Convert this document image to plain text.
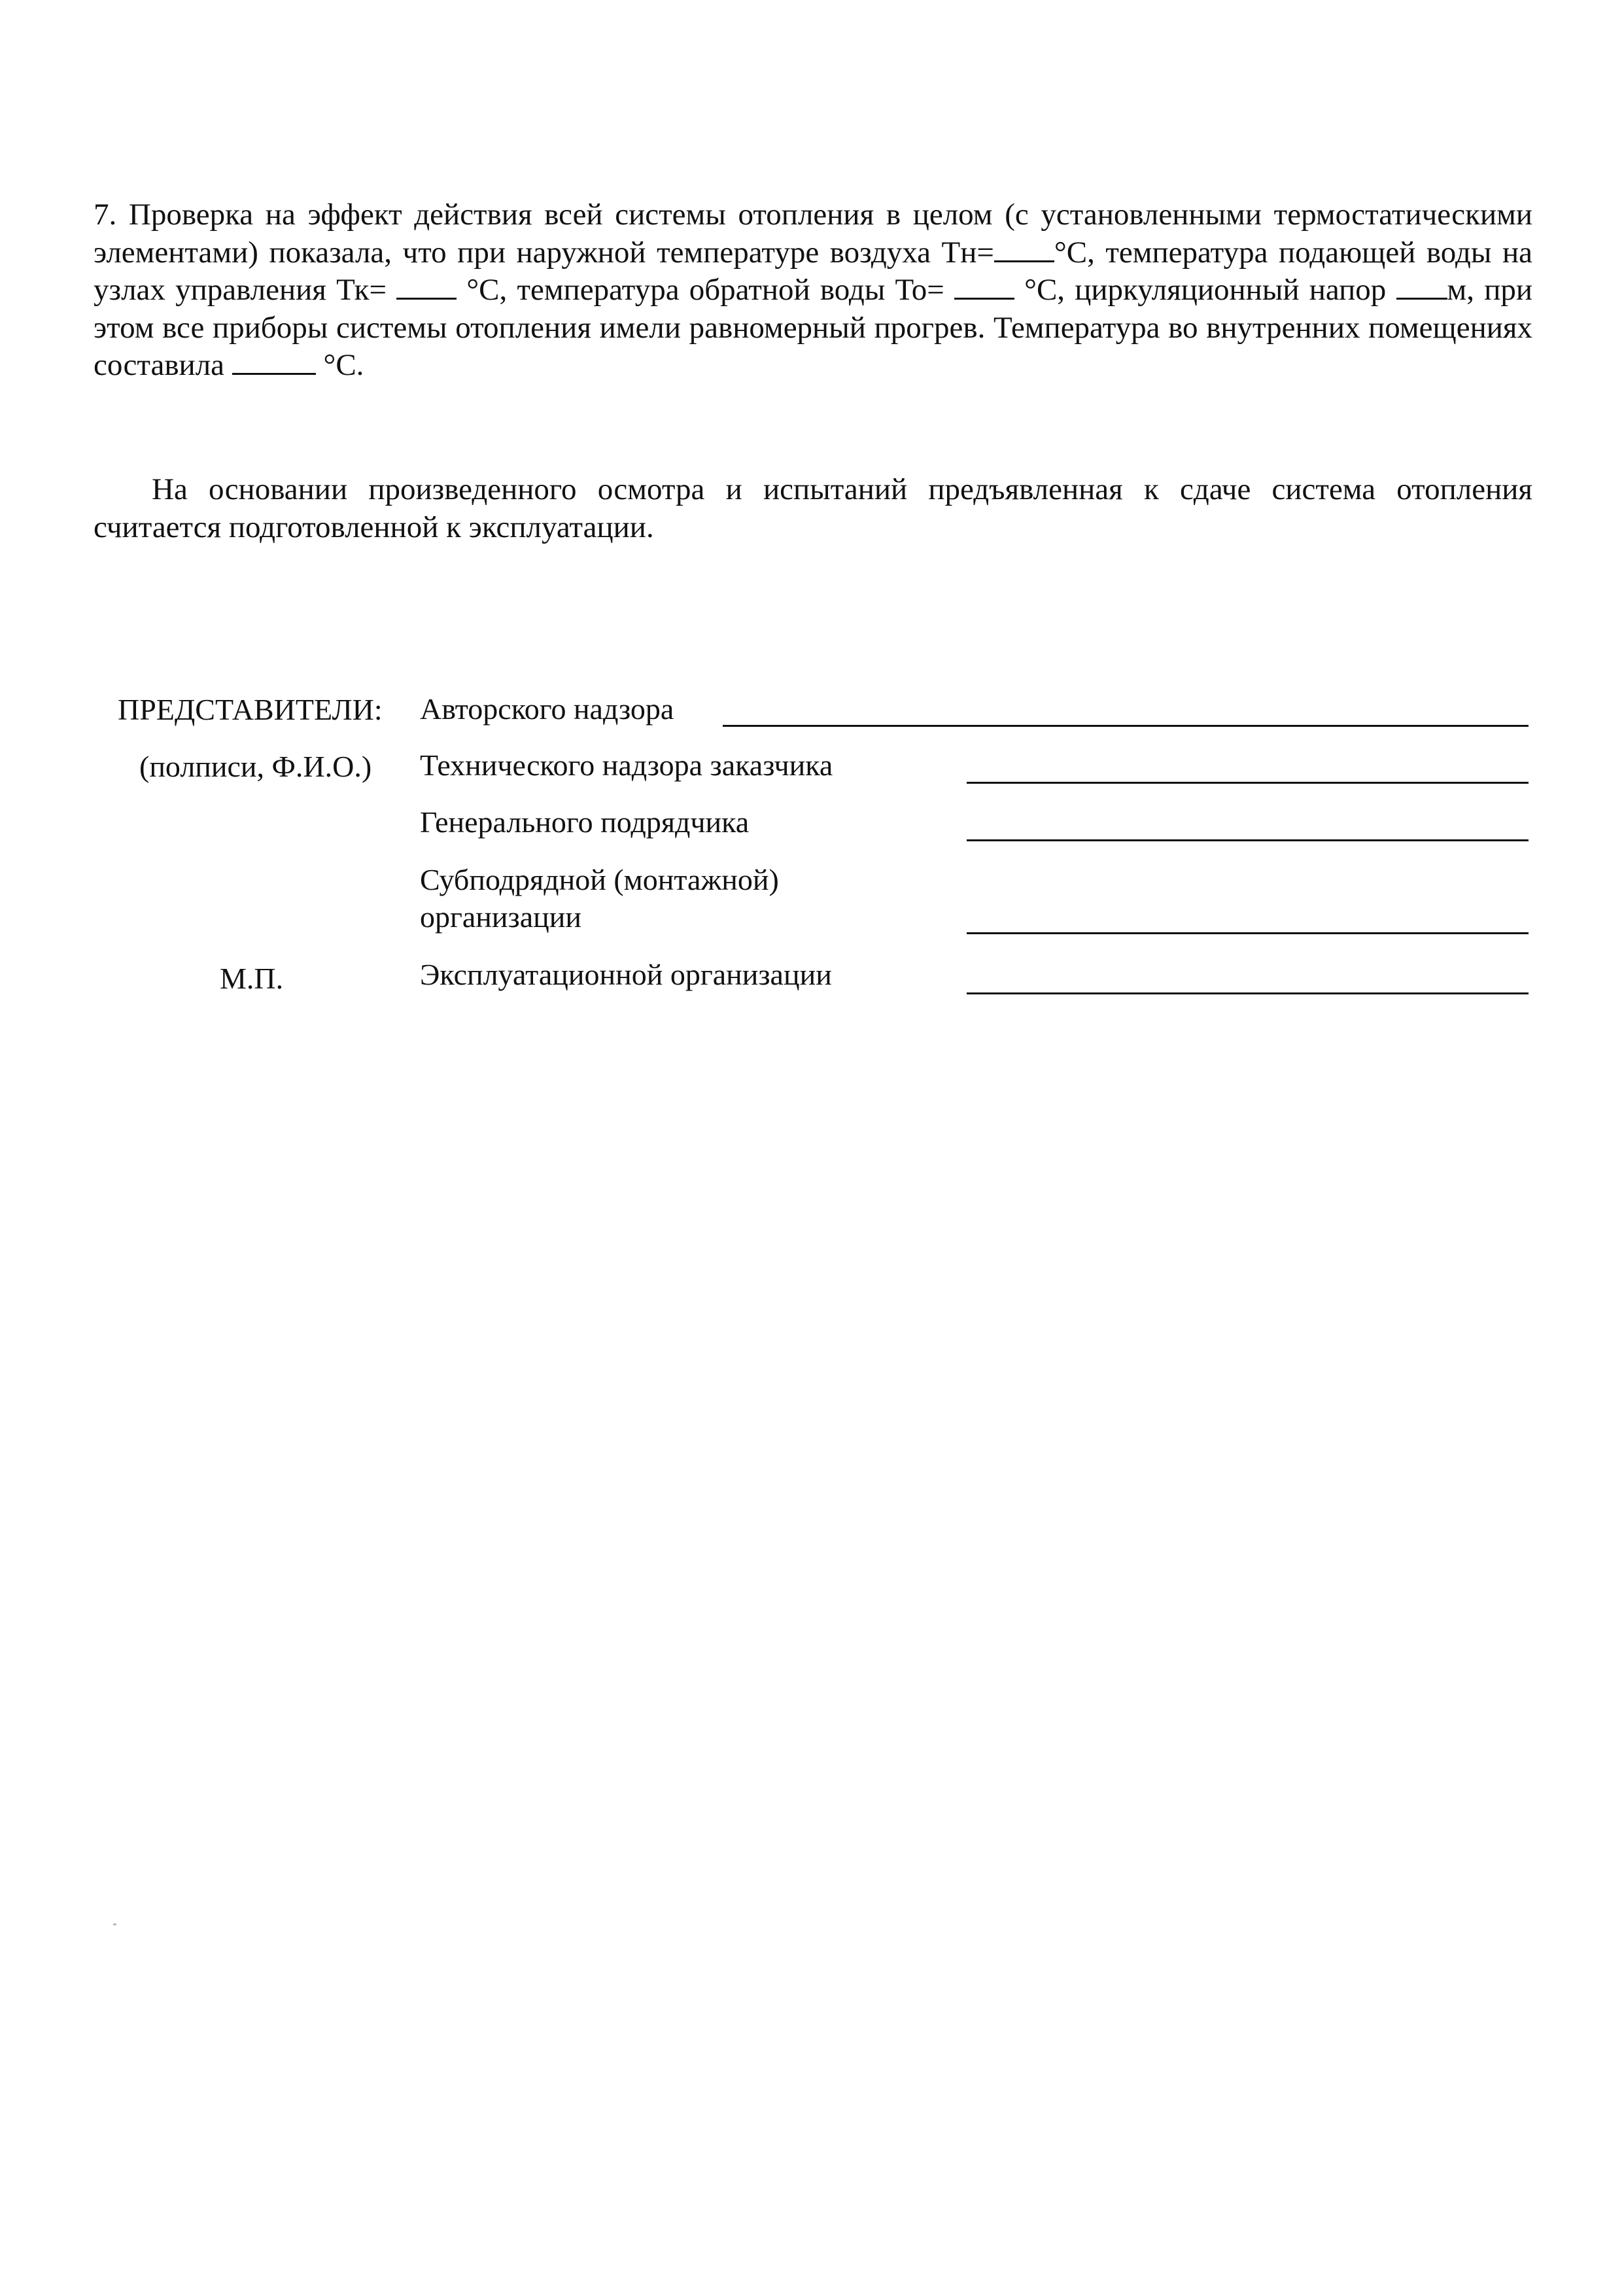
7. Проверка на эффект действия всей системы отопления в целом (с установленными термостатическими элементами) показала, что при наружной температуре воздуха Тн= °С, температура подающей воды на узлах управления Тк=  °С, температура обратной воды То=  °С, циркуляционный напор м, при этом все приборы системы отопления имели равномерный прогрев. Температура во внутренних помещениях составила	°С.
На основании произведенного осмотра и испытаний предъявленная к сдаче система отопления считается подготовленной к эксплуатации.
ПРЕДСТАВИТЕЛИ:
(полписи, Ф.И.О.)
М.П.
Авторского надзора
Технического надзора заказчика
Генерального подрядчика
Субподрядной (монтажной)
организации
Эксплуатационной организации
